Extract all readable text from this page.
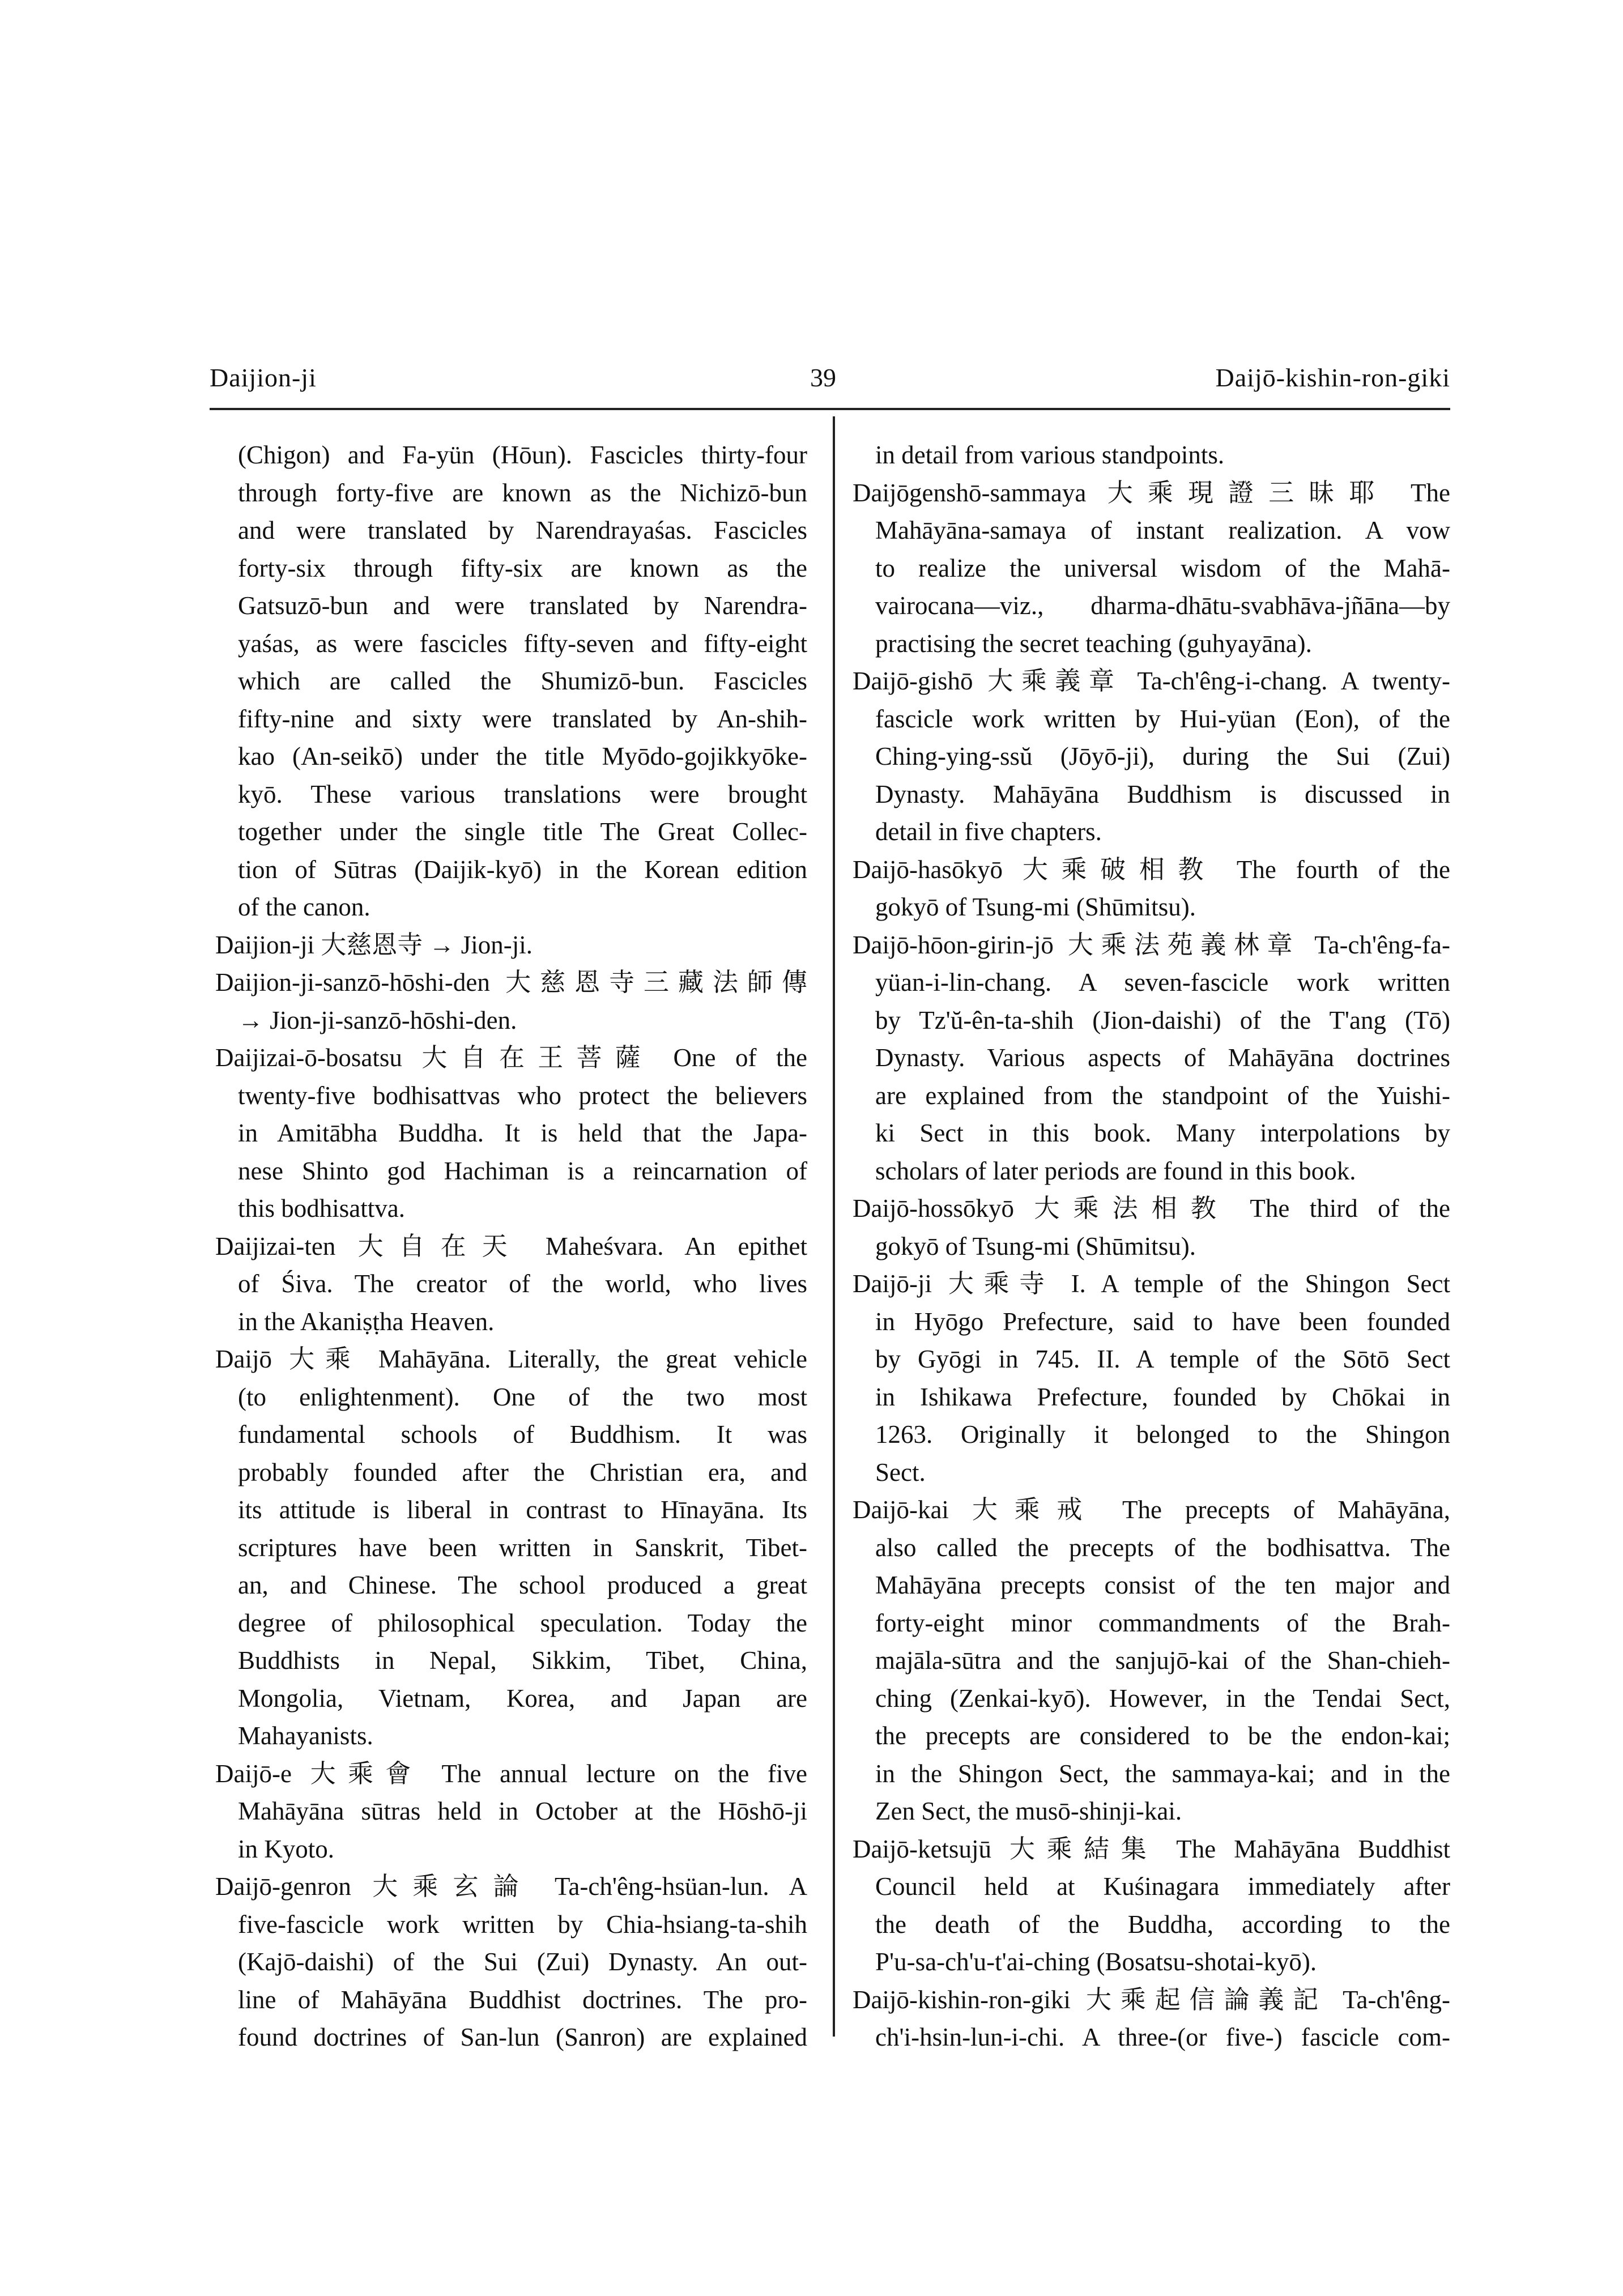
Daijion-ji	39	Daijō-kishin-ron-giki
(Chigon) and Fa-yün (Hōun). Fascicles thirty-four
through forty-five are known as the Nichizō-bun
and were translated by Narendrayaśas. Fascicles
forty-six through fifty-six are known as the
Gatsuzō-bun and were translated by Narendra-
yaśas, as were fascicles fifty-seven and fifty-eight
which are called the Shumizō-bun. Fascicles
fifty-nine and sixty were translated by An-shih-
kao (An-seikō) under the title Myōdo-gojikkyōke-
kyō. These various translations were brought
together under the single title The Great Collec-
tion of Sūtras (Daijik-kyō) in the Korean edition
of the canon.
Daijion-ji 大慈恩寺 → Jion-ji.
Daijion-ji-sanzō-hōshi-den 大慈恩寺三藏法師傳
→ Jion-ji-sanzō-hōshi-den.
Daijizai-ō-bosatsu 大自在王菩薩 One of the
twenty-five bodhisattvas who protect the believers
in Amitābha Buddha. It is held that the Japa-
nese Shinto god Hachiman is a reincarnation of
this bodhisattva.
Daijizai-ten 大自在天 Maheśvara. An epithet
of Śiva. The creator of the world, who lives
in the Akaniṣṭha Heaven.
Daijō 大乘 Mahāyāna. Literally, the great vehicle
(to enlightenment). One of the two most
fundamental schools of Buddhism. It was
probably founded after the Christian era, and
its attitude is liberal in contrast to Hīnayāna. Its
scriptures have been written in Sanskrit, Tibet-
an, and Chinese. The school produced a great
degree of philosophical speculation. Today the
Buddhists in Nepal, Sikkim, Tibet, China,
Mongolia, Vietnam, Korea, and Japan are
Mahayanists.
Daijō-e 大乘會 The annual lecture on the five
Mahāyāna sūtras held in October at the Hōshō-ji
in Kyoto.
Daijō-genron 大乘玄論 Ta-ch'êng-hsüan-lun. A
five-fascicle work written by Chia-hsiang-ta-shih
(Kajō-daishi) of the Sui (Zui) Dynasty. An out-
line of Mahāyāna Buddhist doctrines. The pro-
found doctrines of San-lun (Sanron) are explained
in detail from various standpoints.
Daijōgenshō-sammaya 大乘現證三昧耶 The
Mahāyāna-samaya of instant realization. A vow
to realize the universal wisdom of the Mahā-
vairocana—viz., dharma-dhātu-svabhāva-jñāna—by
practising the secret teaching (guhyayāna).
Daijō-gishō 大乘義章 Ta-ch'êng-i-chang. A twenty-
fascicle work written by Hui-yüan (Eon), of the
Ching-ying-ssŭ (Jōyō-ji), during the Sui (Zui)
Dynasty. Mahāyāna Buddhism is discussed in
detail in five chapters.
Daijō-hasōkyō 大乘破相教 The fourth of the
gokyō of Tsung-mi (Shūmitsu).
Daijō-hōon-girin-jō 大乘法苑義林章 Ta-ch'êng-fa-
yüan-i-lin-chang. A seven-fascicle work written
by Tz'ŭ-ên-ta-shih (Jion-daishi) of the T'ang (Tō)
Dynasty. Various aspects of Mahāyāna doctrines
are explained from the standpoint of the Yuishi-
ki Sect in this book. Many interpolations by
scholars of later periods are found in this book.
Daijō-hossōkyō 大乘法相教 The third of the
gokyō of Tsung-mi (Shūmitsu).
Daijō-ji 大乘寺 I. A temple of the Shingon Sect
in Hyōgo Prefecture, said to have been founded
by Gyōgi in 745. II. A temple of the Sōtō Sect
in Ishikawa Prefecture, founded by Chōkai in
1263. Originally it belonged to the Shingon
Sect.
Daijō-kai 大乘戒 The precepts of Mahāyāna,
also called the precepts of the bodhisattva. The
Mahāyāna precepts consist of the ten major and
forty-eight minor commandments of the Brah-
majāla-sūtra and the sanjujō-kai of the Shan-chieh-
ching (Zenkai-kyō). However, in the Tendai Sect,
the precepts are considered to be the endon-kai;
in the Shingon Sect, the sammaya-kai; and in the
Zen Sect, the musō-shinji-kai.
Daijō-ketsujū 大乘結集 The Mahāyāna Buddhist
Council held at Kuśinagara immediately after
the death of the Buddha, according to the
P'u-sa-ch'u-t'ai-ching (Bosatsu-shotai-kyō).
Daijō-kishin-ron-giki 大乘起信論義記 Ta-ch'êng-
ch'i-hsin-lun-i-chi. A three-(or five-) fascicle com-
